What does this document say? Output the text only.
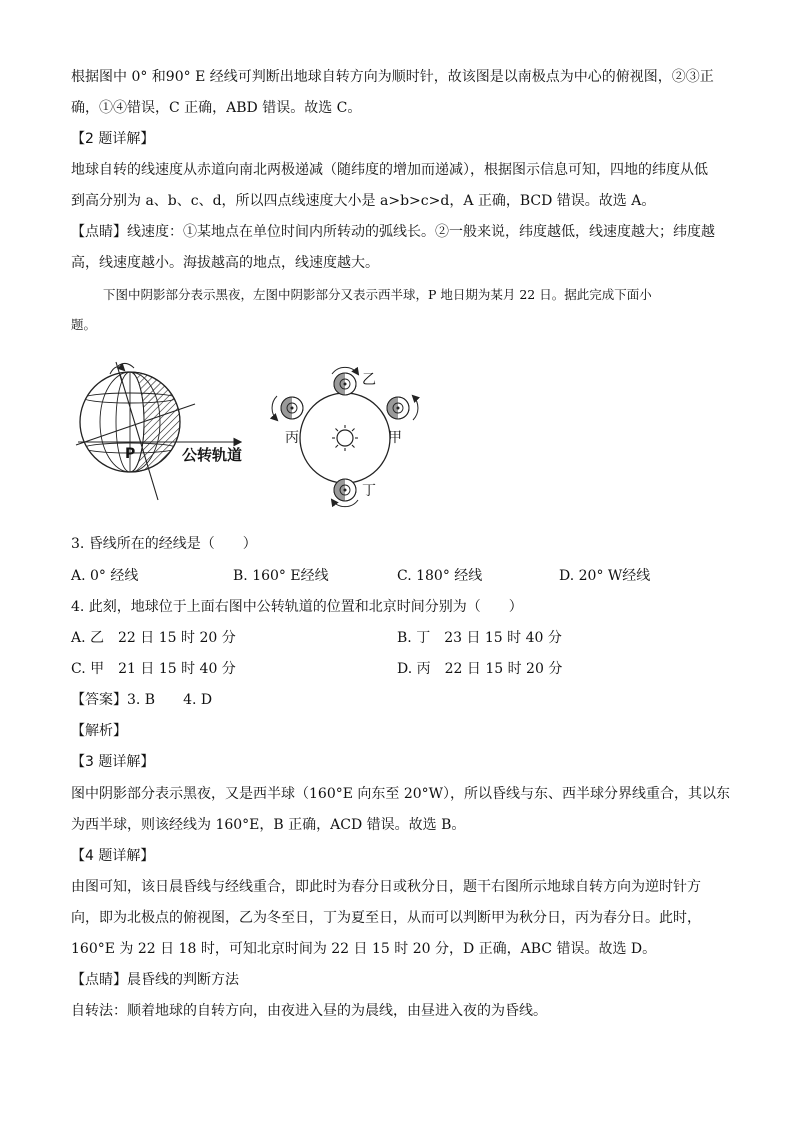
根据图中 0° 和90° E 经线可判断出地球自转方向为顺时针，故该图是以南极点为中心的俯视图，②③正
确，①④错误，C 正确，ABD 错误。故选 C。
【2 题详解】
地球自转的线速度从赤道向南北两极递减（随纬度的增加而递减），根据图示信息可知，四地的纬度从低
到高分别为 a、b、c、d，所以四点线速度大小是 a>b>c>d，A 正确，BCD 错误。故选 A。
【点睛】线速度：①某地点在单位时间内所转动的弧线长。②一般来说，纬度越低，线速度越大；纬度越
高，线速度越小。海拔越高的地点，线速度越大。
下图中阴影部分表示黑夜，左图中阴影部分又表示西半球，P 地日期为某月 22 日。据此完成下面小
题。
P	公转轨道
乙
丙	甲
丁
3. 昏线所在的经线是（　　）
A. 0° 经线	B. 160° E经线	C. 180° 经线	D. 20° W经线
4. 此刻，地球位于上面右图中公转轨道的位置和北京时间分别为（　　）
A. 乙　22 日 15 时 20 分	B. 丁　23 日 15 时 40 分
C. 甲　21 日 15 时 40 分	D. 丙　22 日 15 时 20 分
【答案】3. B　　4. D
【解析】
【3 题详解】
图中阴影部分表示黑夜，又是西半球（160°E 向东至 20°W），所以昏线与东、西半球分界线重合，其以东
为西半球，则该经线为 160°E，B 正确，ACD 错误。故选 B。
【4 题详解】
由图可知，该日晨昏线与经线重合，即此时为春分日或秋分日，题干右图所示地球自转方向为逆时针方
向，即为北极点的俯视图，乙为冬至日，丁为夏至日，从而可以判断甲为秋分日，丙为春分日。此时，
160°E 为 22 日 18 时，可知北京时间为 22 日 15 时 20 分，D 正确，ABC 错误。故选 D。
【点睛】晨昏线的判断方法
自转法：顺着地球的自转方向，由夜进入昼的为晨线，由昼进入夜的为昏线。
